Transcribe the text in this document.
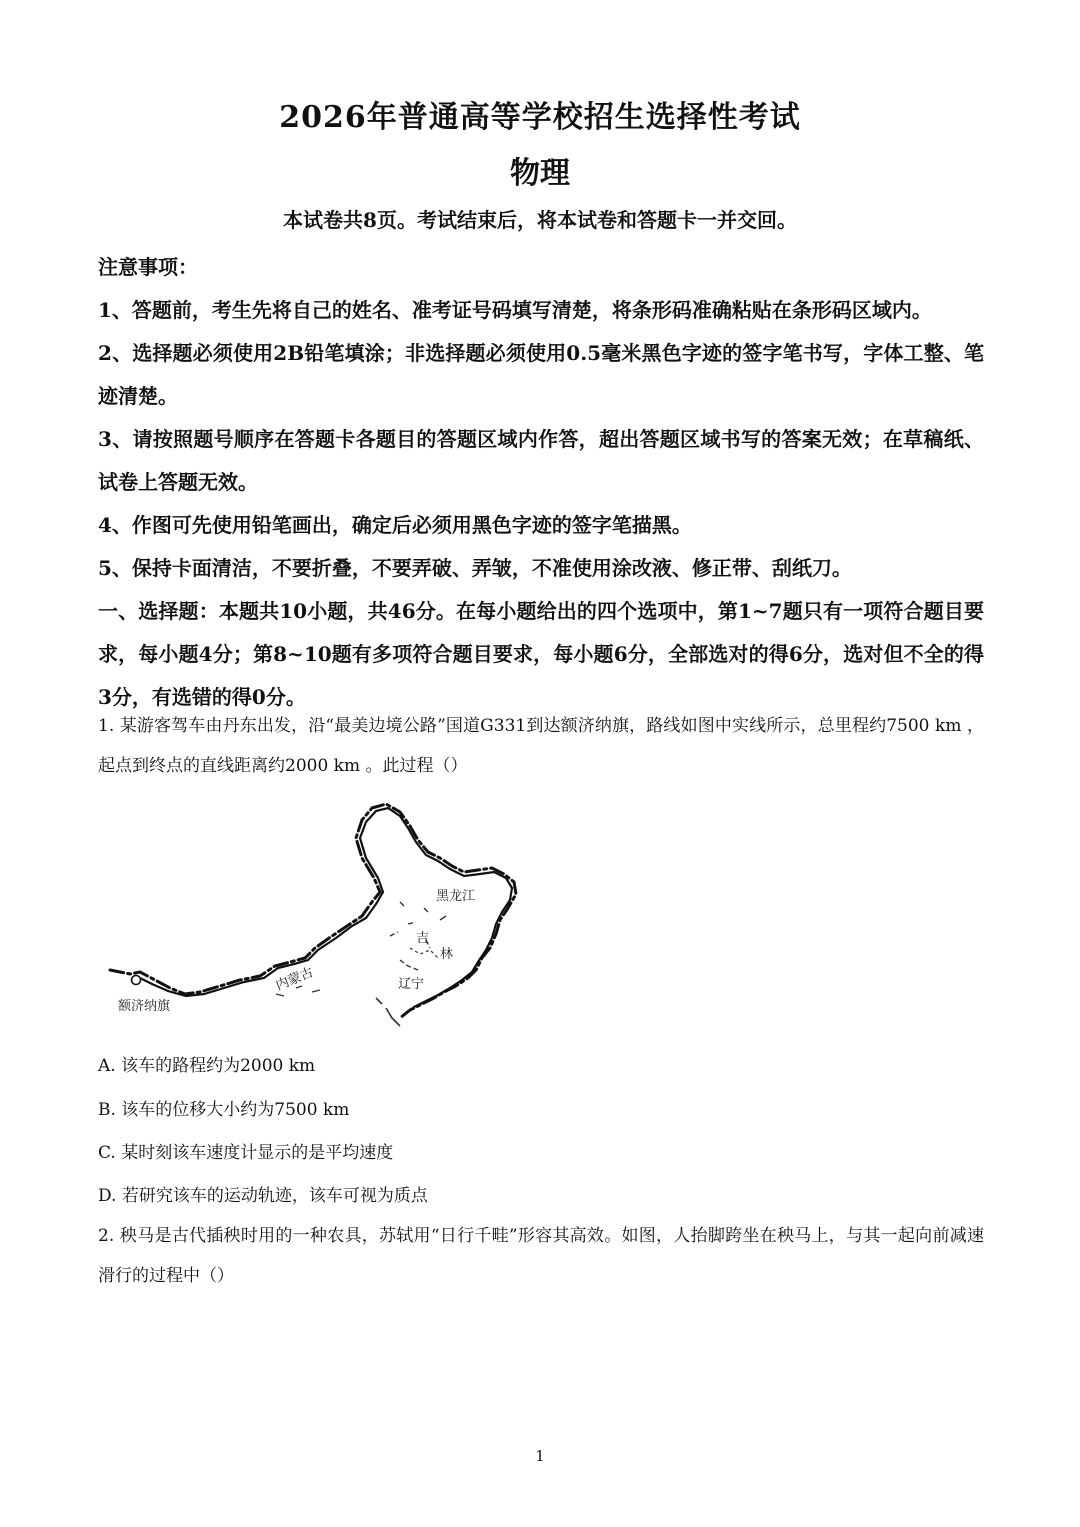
2026年普通高等学校招生选择性考试
物理
本试卷共8页。考试结束后，将本试卷和答题卡一并交回。

注意事项：

1、答题前，考生先将自己的姓名、准考证号码填写清楚，将条形码准确粘贴在条形码区域内。

2、选择题必须使用2B铅笔填涂；非选择题必须使用0.5毫米黑色字迹的签字笔书写，字体工整、笔迹清楚。

3、请按照题号顺序在答题卡各题目的答题区域内作答，超出答题区域书写的答案无效；在草稿纸、试卷上答题无效。

4、作图可先使用铅笔画出，确定后必须用黑色字迹的签字笔描黑。

5、保持卡面清洁，不要折叠，不要弄破、弄皱，不准使用涂改液、修正带、刮纸刀。

一、选择题：本题共10小题，共46分。在每小题给出的四个选项中，第1~7题只有一项符合题目要求，每小题4分；第8~10题有多项符合题目要求，每小题6分，全部选对的得6分，选对但不全的得3分，有选错的得0分。

1. 某游客驾车由丹东出发，沿“最美边境公路”国道G331到达额济纳旗，路线如图中实线所示，总里程约7500 km ，起点到终点的直线距离约2000 km 。此过程（）
黑龙江
吉
林
辽宁
内蒙古
额济纳旗
A. 该车的路程约为2000 km
B. 该车的位移大小约为7500 km
C. 某时刻该车速度计显示的是平均速度
D. 若研究该车的运动轨迹，该车可视为质点
2. 秧马是古代插秧时用的一种农具，苏轼用“日行千畦”形容其高效。如图，人抬脚跨坐在秧马上，与其一起向前减速滑行的过程中（）
1
